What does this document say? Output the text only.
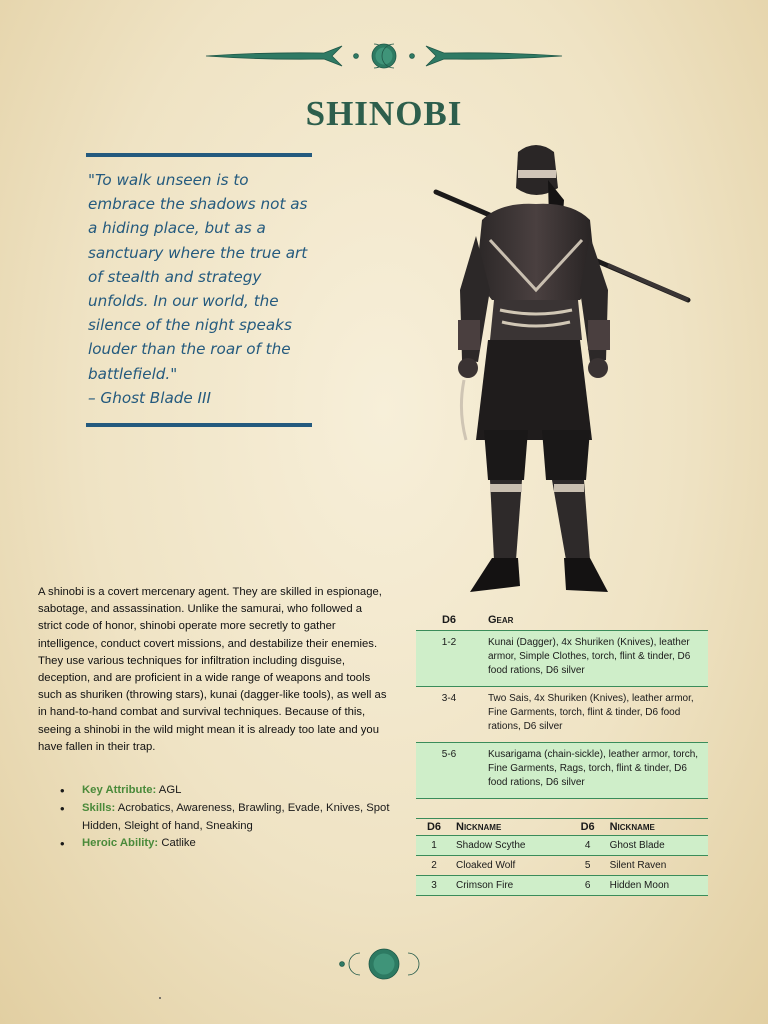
SHINOBI
"To walk unseen is to embrace the shadows not as a hiding place, but as a sanctuary where the true art of stealth and strategy unfolds. In our world, the silence of the night speaks louder than the roar of the battlefield."
– Ghost Blade III
A shinobi is a covert mercenary agent. They are skilled in espionage, sabotage, and assassination. Unlike the samurai, who followed a strict code of honor, shinobi operate more secretly to gather intelligence, conduct covert missions, and destabilize their enemies. They use various techniques for infiltration including disguise, deception, and are proficient in a wide range of weapons and tools such as shuriken (throwing stars), kunai (dagger-like tools), as well as in hand-to-hand combat and survival techniques. Because of this, seeing a shinobi in the wild might mean it is already too late and you have fallen in their trap.
• Key Attribute: AGL
• Skills: Acrobatics, Awareness, Brawling, Evade, Knives, Spot Hidden, Sleight of hand, Sneaking
• Heroic Ability: Catlike
D6	Gear
1-2	Kunai (Dagger), 4x Shuriken (Knives), leather armor, Simple Clothes, torch, flint & tinder, D6 food rations, D6 silver
3-4	Two Sais, 4x Shuriken (Knives), leather armor, Fine Garments, torch, flint & tinder, D6 food rations, D6 silver
5-6	Kusarigama (chain-sickle), leather armor, torch, Fine Garments, Rags, torch, flint & tinder, D6 food rations, D6 silver
D6	Nickname	D6	Nickname
1	Shadow Scythe	4	Ghost Blade
2	Cloaked Wolf	5	Silent Raven
3	Crimson Fire	6	Hidden Moon
